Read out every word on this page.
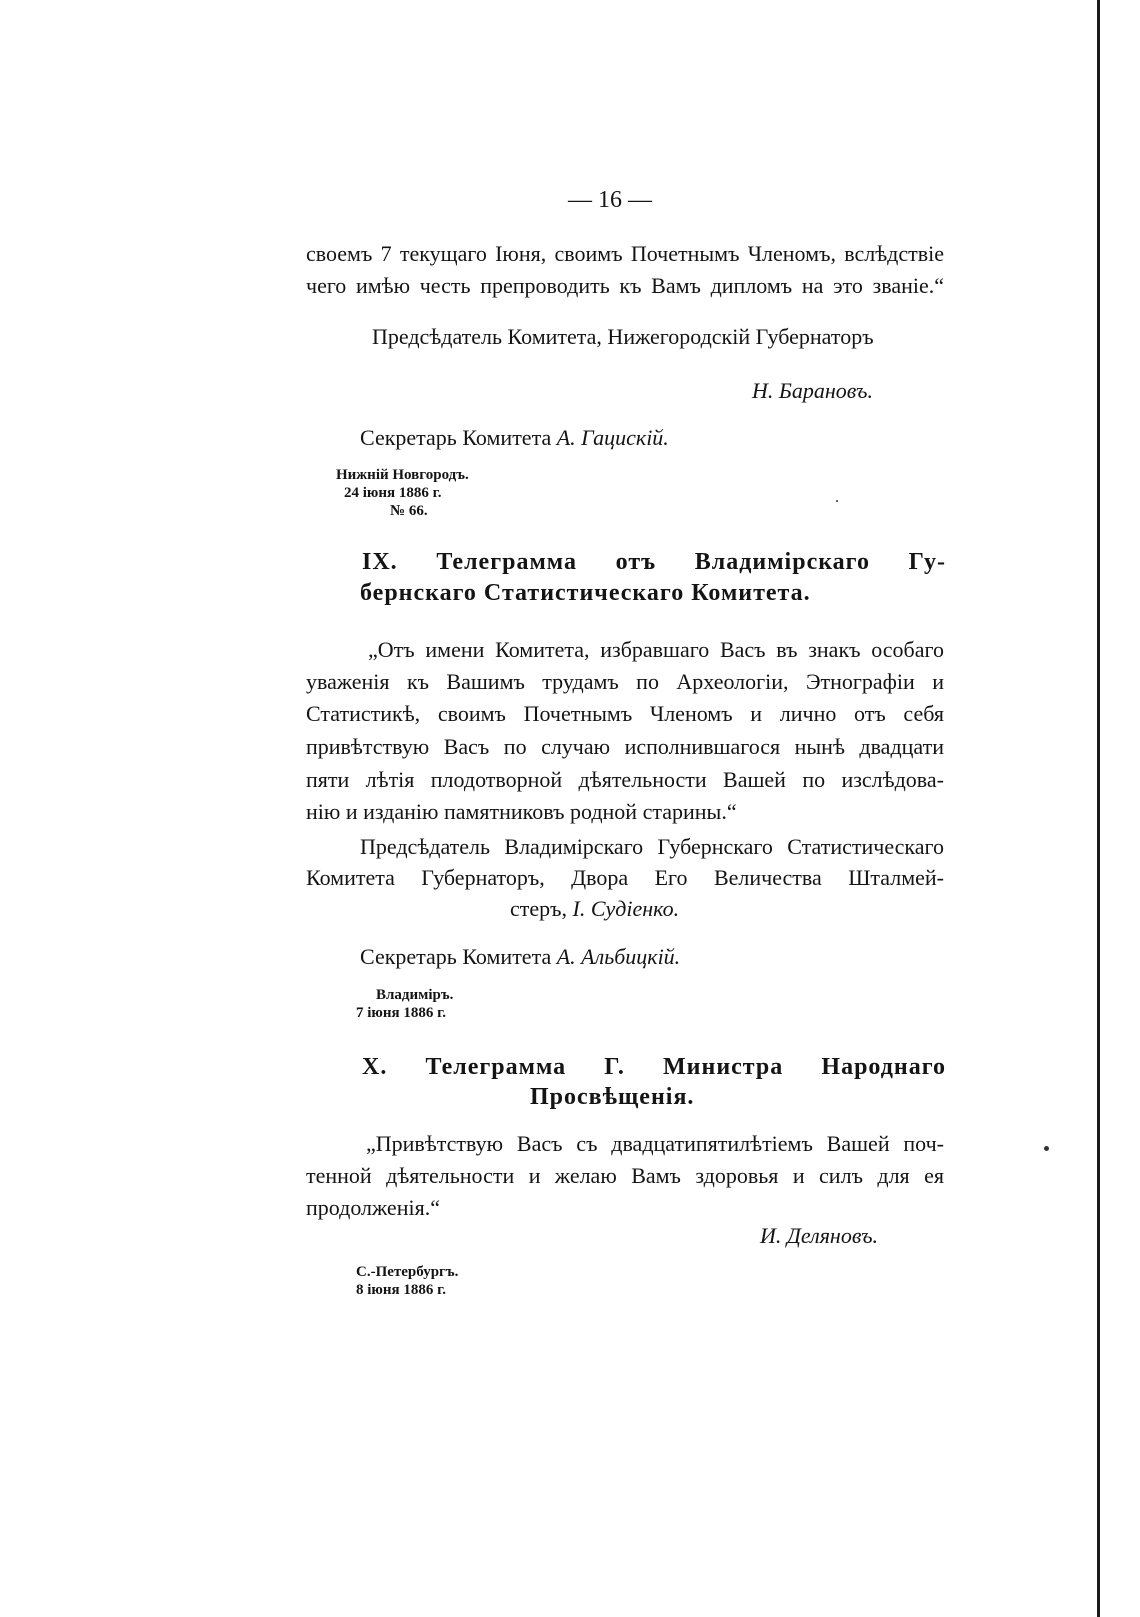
— 16 —
своемъ 7 текущаго Іюня, своимъ Почетнымъ Членомъ, вслѣдствіе
чего имѣю честь препроводить къ Вамъ дипломъ на это званіе.“
Предсѣдатель Комитета, Нижегородскій Губернаторъ
Н. Барановъ.
Секретарь Комитета А. Гацискій.
Нижній Новгородъ.
24 іюня 1886 г.
№ 66.
IX. Телеграмма отъ Владимірскаго Гу-
бернскаго Статистическаго Комитета.
„Отъ имени Комитета, избравшаго Васъ въ знакъ особаго
уваженія къ Вашимъ трудамъ по Археологіи, Этнографіи и
Статистикѣ, своимъ Почетнымъ Членомъ и лично отъ себя
привѣтствую Васъ по случаю исполнившагося нынѣ двадцати
пяти лѣтія плодотворной дѣятельности Вашей по изслѣдова-
нію и изданію памятниковъ родной старины.“
Предсѣдатель Владимірскаго Губернскаго Статистическаго
Комитета Губернаторъ, Двора Его Величества Шталмей-
стеръ, I. Судіенко.
Секретарь Комитета А. Альбицкій.
Владиміръ.
7 іюня 1886 г.
X. Телеграмма Г. Министра Народнаго
Просвѣщенія.
„Привѣтствую Васъ съ двадцатипятилѣтіемъ Вашей поч-
тенной дѣятельности и желаю Вамъ здоровья и силъ для ея
продолженія.“
И. Деляновъ.
С.-Петербургъ.
8 іюня 1886 г.
